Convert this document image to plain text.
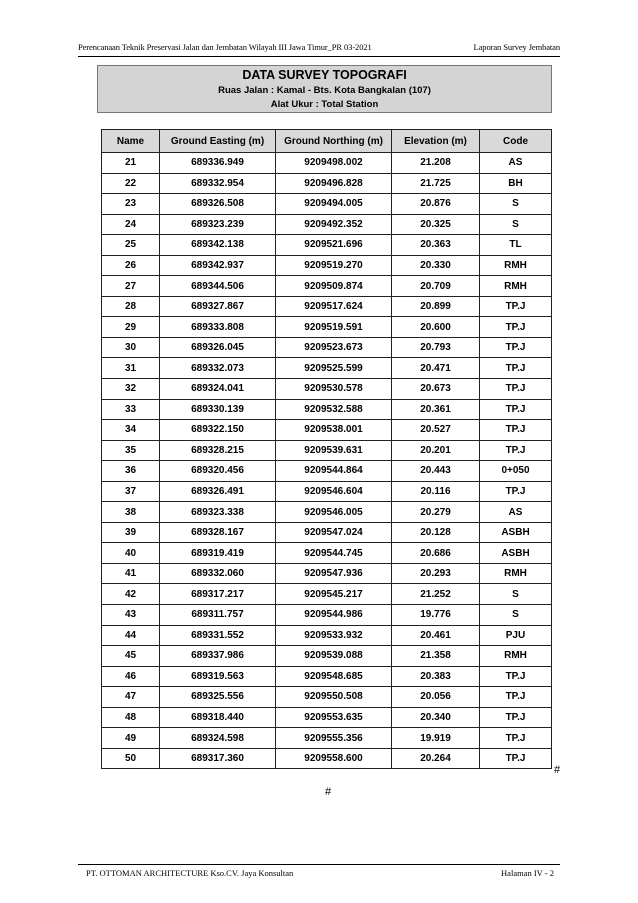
Perencanaan Teknik Preservasi Jalan dan Jembatan Wilayah III Jawa Timur_PR 03-2021	Laporan Survey Jembatan
DATA SURVEY TOPOGRAFI
Ruas Jalan : Kamal - Bts. Kota Bangkalan (107)
Alat Ukur : Total Station
Name	Ground Easting (m)	Ground Northing (m)	Elevation (m)	Code
21	689336.949	9209498.002	21.208	AS
22	689332.954	9209496.828	21.725	BH
23	689326.508	9209494.005	20.876	S
24	689323.239	9209492.352	20.325	S
25	689342.138	9209521.696	20.363	TL
26	689342.937	9209519.270	20.330	RMH
27	689344.506	9209509.874	20.709	RMH
28	689327.867	9209517.624	20.899	TP.J
29	689333.808	9209519.591	20.600	TP.J
30	689326.045	9209523.673	20.793	TP.J
31	689332.073	9209525.599	20.471	TP.J
32	689324.041	9209530.578	20.673	TP.J
33	689330.139	9209532.588	20.361	TP.J
34	689322.150	9209538.001	20.527	TP.J
35	689328.215	9209539.631	20.201	TP.J
36	689320.456	9209544.864	20.443	0+050
37	689326.491	9209546.604	20.116	TP.J
38	689323.338	9209546.005	20.279	AS
39	689328.167	9209547.024	20.128	ASBH
40	689319.419	9209544.745	20.686	ASBH
41	689332.060	9209547.936	20.293	RMH
42	689317.217	9209545.217	21.252	S
43	689311.757	9209544.986	19.776	S
44	689331.552	9209533.932	20.461	PJU
45	689337.986	9209539.088	21.358	RMH
46	689319.563	9209548.685	20.383	TP.J
47	689325.556	9209550.508	20.056	TP.J
48	689318.440	9209553.635	20.340	TP.J
49	689324.598	9209555.356	19.919	TP.J
50	689317.360	9209558.600	20.264	TP.J
#
#
PT. OTTOMAN ARCHITECTURE Kso.CV. Jaya Konsultan	Halaman IV - 2
